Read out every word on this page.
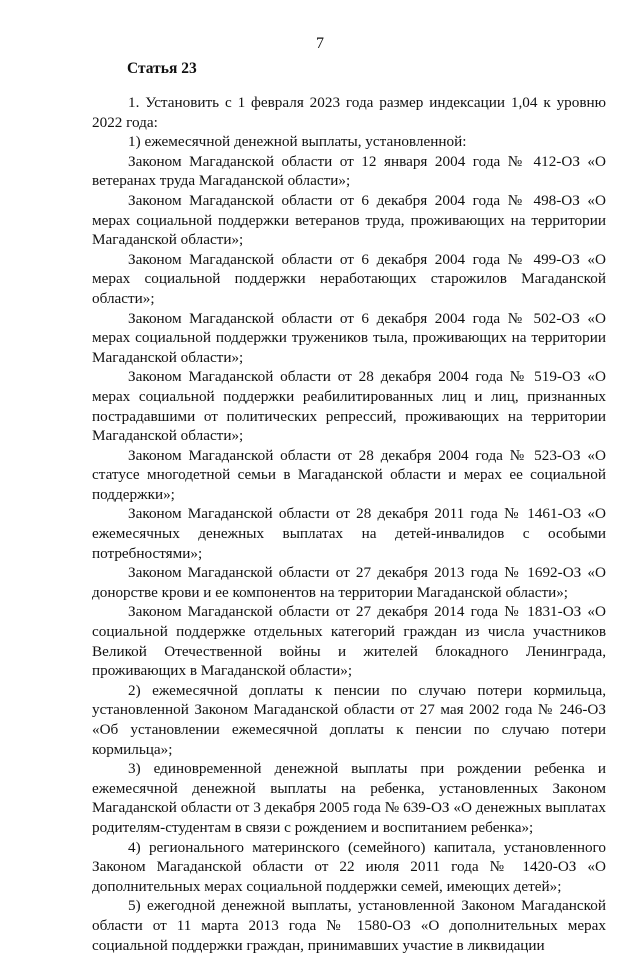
7
Статья 23

1. Установить с 1 февраля 2023 года размер индексации 1,04 к уровню 2022 года:

1) ежемесячной денежной выплаты, установленной:

Законом Магаданской области от 12 января 2004 года № 412-ОЗ «О ветеранах труда Магаданской области»;

Законом Магаданской области от 6 декабря 2004 года № 498-ОЗ «О мерах социальной поддержки ветеранов труда, проживающих на территории Магаданской области»;

Законом Магаданской области от 6 декабря 2004 года № 499-ОЗ «О мерах социальной поддержки неработающих старожилов Магаданской области»;

Законом Магаданской области от 6 декабря 2004 года № 502-ОЗ «О мерах социальной поддержки тружеников тыла, проживающих на территории Магаданской области»;

Законом Магаданской области от 28 декабря 2004 года № 519-ОЗ «О мерах социальной поддержки реабилитированных лиц и лиц, признанных пострадавшими от политических репрессий, проживающих на территории Магаданской области»;

Законом Магаданской области от 28 декабря 2004 года № 523-ОЗ «О статусе многодетной семьи в Магаданской области и мерах ее социальной поддержки»;

Законом Магаданской области от 28 декабря 2011 года № 1461-ОЗ «О ежемесячных денежных выплатах на детей-инвалидов с особыми потребностями»;

Законом Магаданской области от 27 декабря 2013 года № 1692-ОЗ «О донорстве крови и ее компонентов на территории Магаданской области»;

Законом Магаданской области от 27 декабря 2014 года № 1831-ОЗ «О социальной поддержке отдельных категорий граждан из числа участников Великой Отечественной войны и жителей блокадного Ленинграда, проживающих в Магаданской области»;

2) ежемесячной доплаты к пенсии по случаю потери кормильца, установленной Законом Магаданской области от 27 мая 2002 года № 246-ОЗ «Об установлении ежемесячной доплаты к пенсии по случаю потери кормильца»;

3) единовременной денежной выплаты при рождении ребенка и ежемесячной денежной выплаты на ребенка, установленных Законом Магаданской области от 3 декабря 2005 года № 639-ОЗ «О денежных выплатах родителям-студентам в связи с рождением и воспитанием ребенка»;

4) регионального материнского (семейного) капитала, установленного Законом Магаданской области от 22 июля 2011 года № 1420-ОЗ «О дополнительных мерах социальной поддержки семей, имеющих детей»;

5) ежегодной денежной выплаты, установленной Законом Магаданской области от 11 марта 2013 года № 1580-ОЗ «О дополнительных мерах социальной поддержки граждан, принимавших участие в ликвидации
